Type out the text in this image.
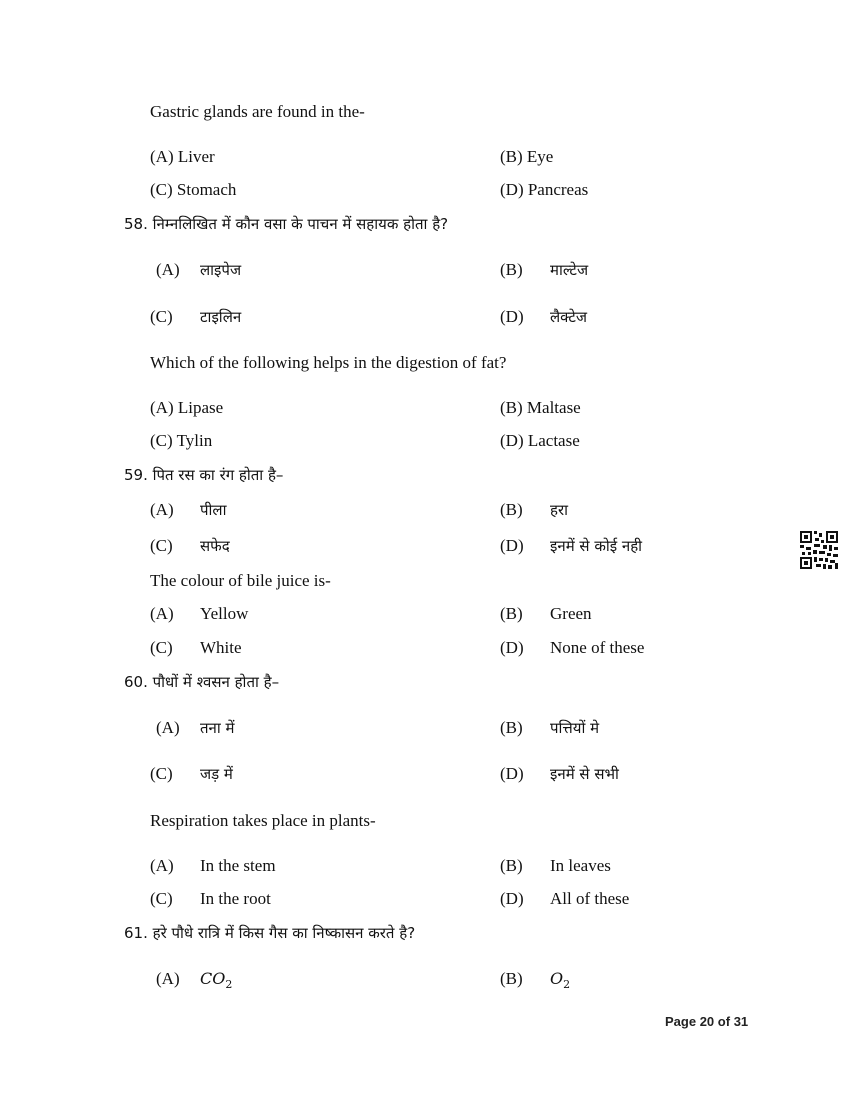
Gastric glands are found in the-
(A) Liver	(B) Eye
(C) Stomach	(D) Pancreas
58. निम्नलिखित में कौन वसा के पाचन में सहायक होता है?
(A) लाइपेज	(B) माल्टेज
(C) टाइलिन	(D) लैक्टेज
Which of the following helps in the digestion of fat?
(A) Lipase	(B) Maltase
(C) Tylin	(D) Lactase
59. पित रस का रंग होता है–
(A) पीला	(B) हरा
(C) सफेद	(D) इनमें से कोई नही
The colour of bile juice is-
(A) Yellow	(B) Green
(C) White	(D) None of these
60. पौधों में श्वसन होता है–
(A) तना में	(B) पत्तियों मे
(C) जड़ में	(D) इनमें से सभी
Respiration takes place in plants-
(A) In the stem	(B) In leaves
(C) In the root	(D) All of these
61. हरे पौधे रात्रि में किस गैस का निष्कासन करते है?
(A) $CO_2$	(B) $O_2$
Page 20 of 31
